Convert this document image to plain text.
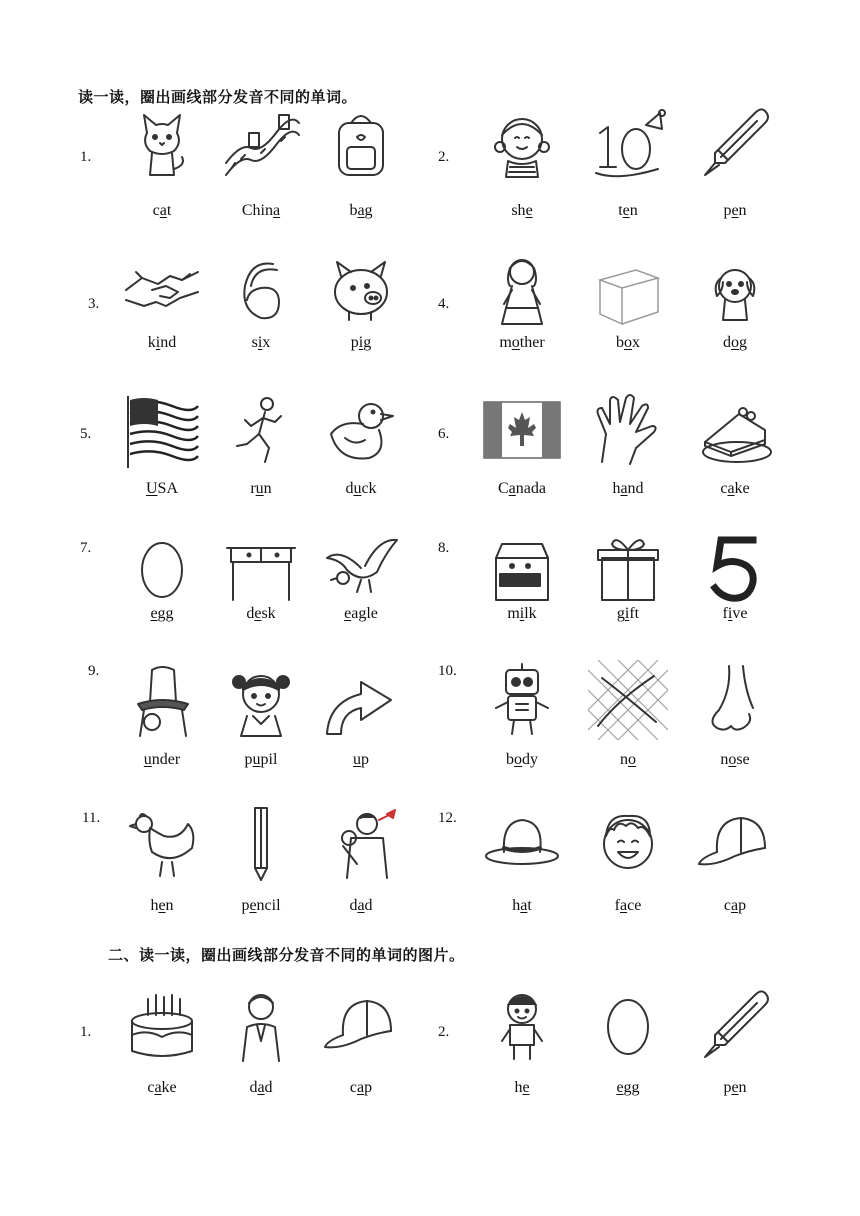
读一读，圈出画线部分发音不同的单词。
二、读一读，圈出画线部分发音不同的单词的图片。
1.
cat	China	bag
2.
she	ten	pen
3.
kind	six	pig
4.
mother	box	dog
5.
USA	run	duck
6.
Canada	hand	cake
7.
egg	desk	eagle
8.
milk	gift	five
9.
under	pupil	up
10.
body	no	nose
11.
hen	pencil	dad
12.
hat	face	cap
1.
cake	dad	cap
2.
he	egg	pen
